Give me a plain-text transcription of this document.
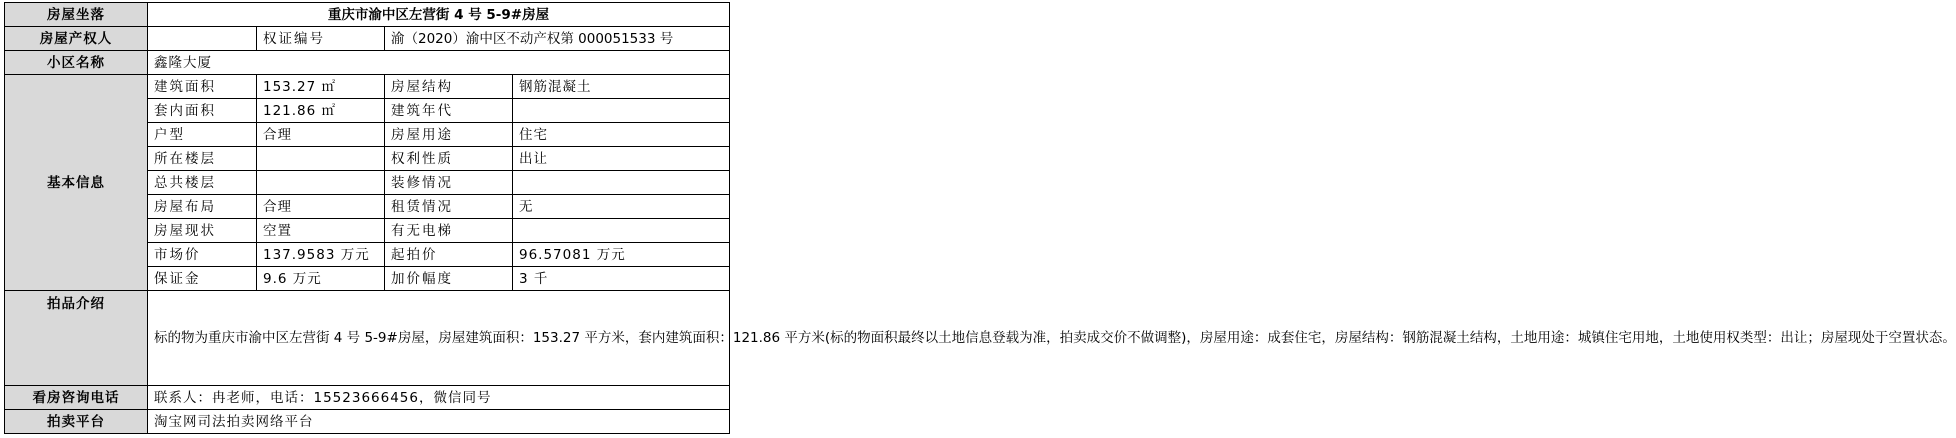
房屋坐落	重庆市渝中区左营街 4 号 5-9#房屋			
房屋产权人		权证编号	渝（2020）渝中区不动产权第 000051533 号	
小区名称	鑫隆大厦			
基本信息	建筑面积	153.27 ㎡	房屋结构	钢筋混凝土
	套内面积	121.86 ㎡	建筑年代	
	户型	合理	房屋用途	住宅
	所在楼层		权利性质	出让
	总共楼层		装修情况	
	房屋布局	合理	租赁情况	无
	房屋现状	空置	有无电梯	
	市场价	137.9583 万元	起拍价	96.57081 万元
	保证金	9.6 万元	加价幅度	3 千
拍品介绍	标的物为重庆市渝中区左营街 4 号 5-9#房屋，房屋建筑面积：153.27 平方米，套内建筑面积：121.86 平方米(标的物面积最终以土地信息登载为准，拍卖成交价不做调整)，房屋用途：成套住宅，房屋结构：钢筋混凝土结构，土地用途：城镇住宅用地，土地使用权类型：出让；房屋现处于空置状态。			
看房咨询电话	联系人：冉老师，电话：15523666456，微信同号			
拍卖平台	淘宝网司法拍卖网络平台			
